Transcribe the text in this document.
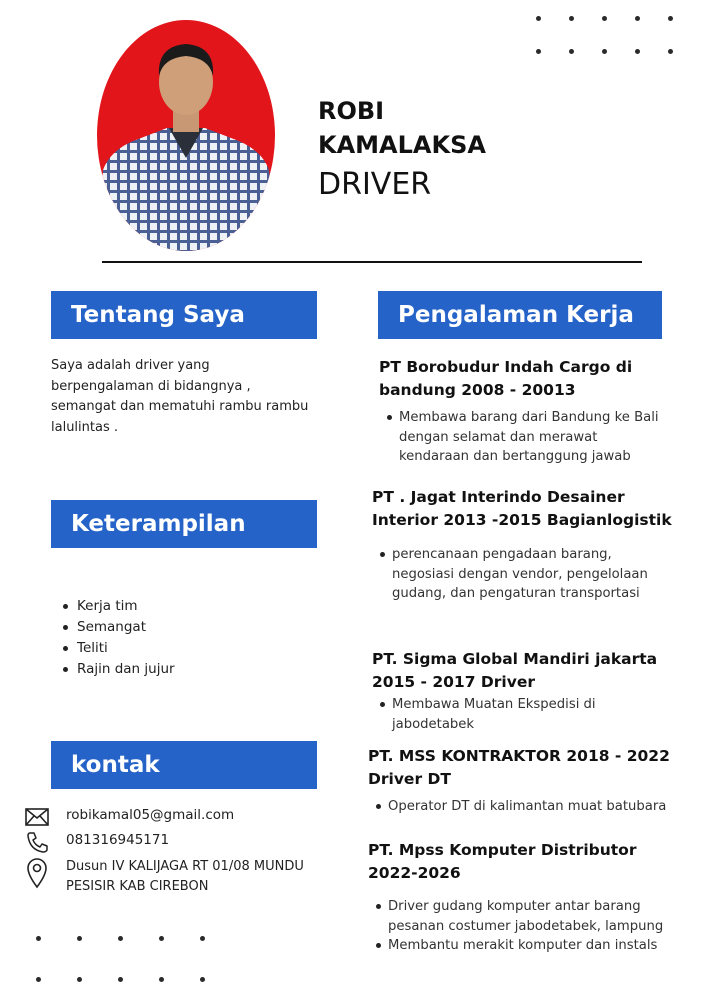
ROBI
KAMALAKSA
DRIVER
Tentang Saya

Saya adalah driver yang berpengalaman di bidangnya , semangat dan mematuhi rambu rambu lalulintas .

Keterampilan
Kerja tim
Semangat
Teliti
Rajin dan jujur
kontak
robikamal05@gmail.com
081316945171
Dusun IV KALIJAGA RT 01/08 MUNDU PESISIR KAB CIREBON
Pengalaman Kerja
PT Borobudur Indah Cargo di bandung 2008 - 20013
Membawa barang dari Bandung ke Bali dengan selamat dan merawat kendaraan dan bertanggung jawab
PT . Jagat Interindo Desainer Interior 2013 -2015 Bagianlogistik
perencanaan pengadaan barang, negosiasi dengan vendor, pengelolaan gudang, dan pengaturan transportasi
PT. Sigma Global Mandiri jakarta 2015 - 2017 Driver
Membawa Muatan Ekspedisi di jabodetabek
PT. MSS KONTRAKTOR 2018 - 2022 Driver DT
Operator DT di kalimantan muat batubara
PT. Mpss Komputer Distributor 2022-2026
Driver gudang komputer antar barang pesanan costumer jabodetabek, lampung
Membantu merakit komputer dan instals
